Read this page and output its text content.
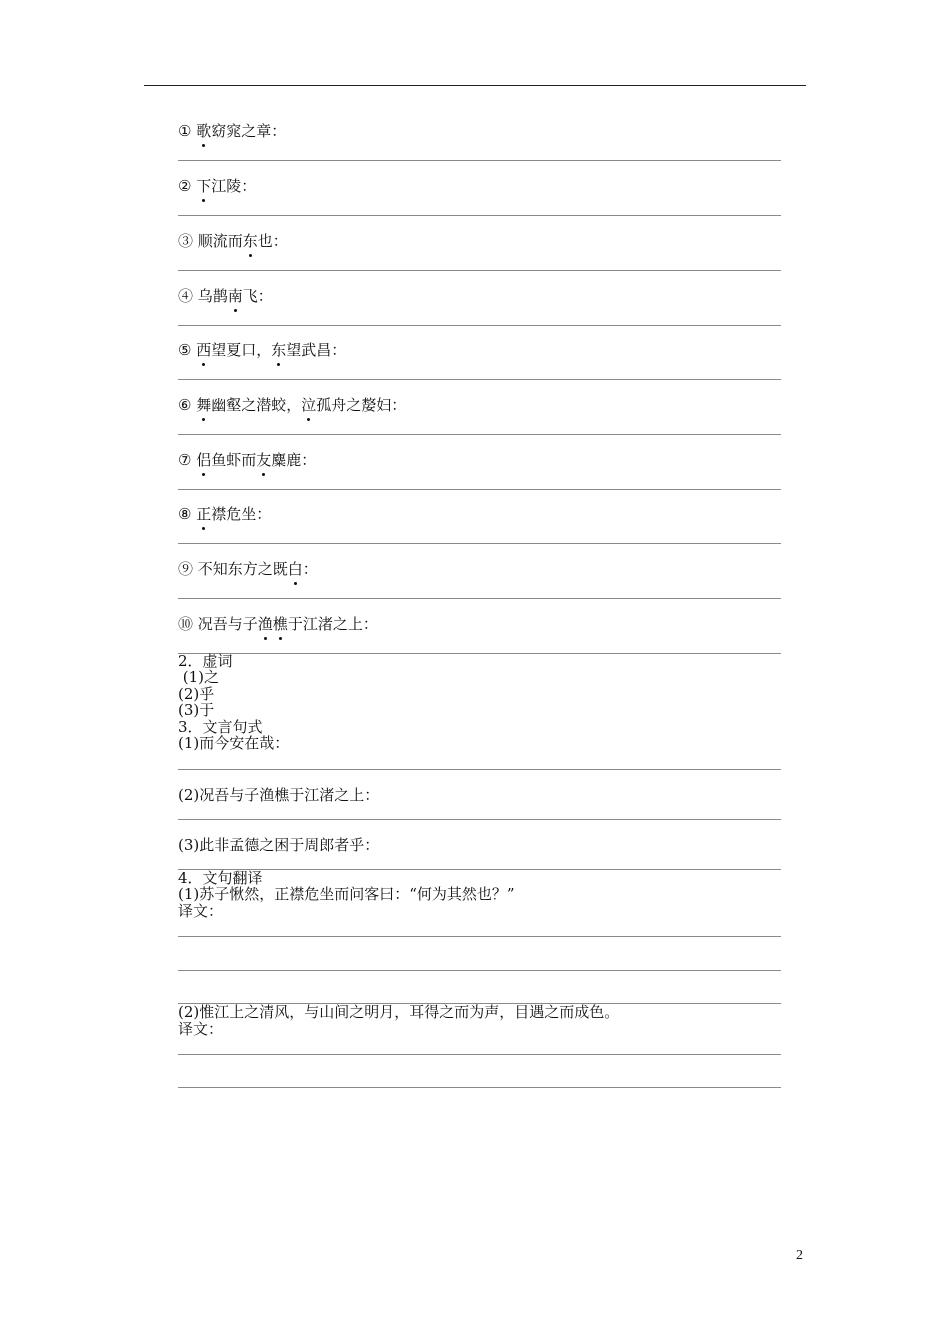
① 歌窈窕之章：
② 下江陵：
③ 顺流而东也：
④ 乌鹊南飞：
⑤ 西望夏口，东望武昌：
⑥ 舞幽壑之潜蛟，泣孤舟之嫠妇：
⑦ 侣鱼虾而友麋鹿：
⑧ 正襟危坐：
⑨ 不知东方之既白：
⑩ 况吾与子渔樵于江渚之上：
2．虚词
(1)之
(2)乎
(3)于
3．文言句式
(1)而今安在哉：
(2)况吾与子渔樵于江渚之上：
(3)此非孟德之困于周郎者乎：
4．文句翻译
(1)苏子愀然，正襟危坐而问客曰：“何为其然也？”
译文：
(2)惟江上之清风，与山间之明月，耳得之而为声，目遇之而成色。
译文：
2
